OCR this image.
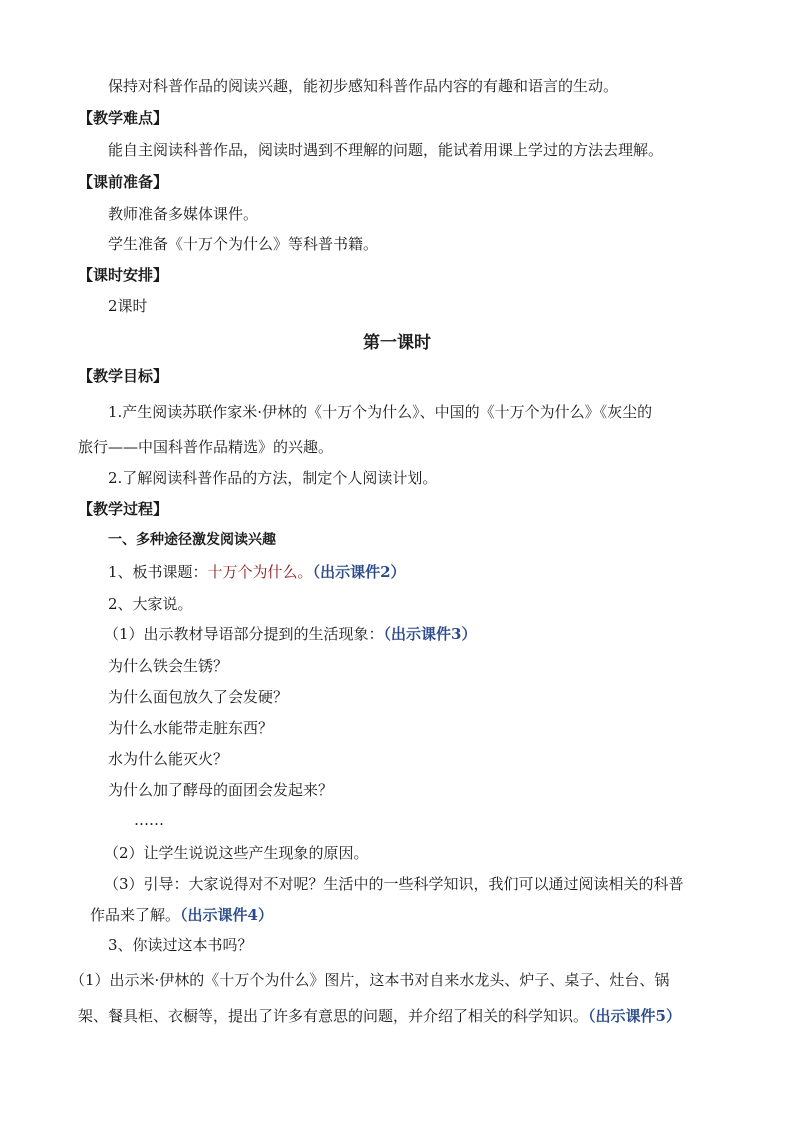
保持对科普作品的阅读兴趣，能初步感知科普作品内容的有趣和语言的生动。
【教学难点】
能自主阅读科普作品，阅读时遇到不理解的问题，能试着用课上学过的方法去理解。
【课前准备】
教师准备多媒体课件。
学生准备《十万个为什么》等科普书籍。
【课时安排】
2课时
第一课时
【教学目标】
1.产生阅读苏联作家米·伊林的《十万个为什么》、中国的《十万个为什么》《灰尘的
旅行——中国科普作品精选》的兴趣。
2.了解阅读科普作品的方法，制定个人阅读计划。
【教学过程】
一、多种途径激发阅读兴趣
1、板书课题：十万个为什么。（出示课件2）
2、大家说。
（1）出示教材导语部分提到的生活现象：（出示课件3）
为什么铁会生锈？
为什么面包放久了会发硬？
为什么水能带走脏东西？
水为什么能灭火？
为什么加了酵母的面团会发起来？
……
（2）让学生说说这些产生现象的原因。
（3）引导：大家说得对不对呢？生活中的一些科学知识，我们可以通过阅读相关的科普
作品来了解。（出示课件4）
3、你读过这本书吗？
（1）出示米·伊林的《十万个为什么》图片，这本书对自来水龙头、炉子、桌子、灶台、锅
架、餐具柜、衣橱等，提出了许多有意思的问题，并介绍了相关的科学知识。（出示课件5）
